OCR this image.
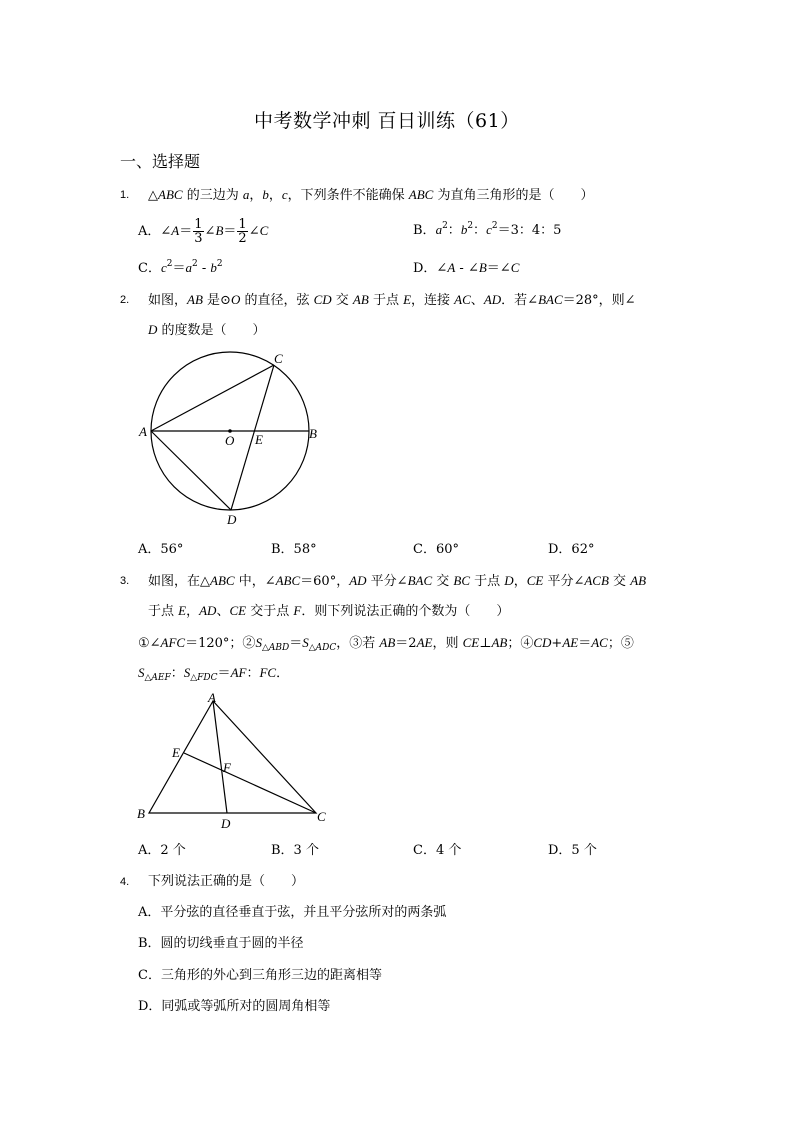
中考数学冲刺 百日训练（61）
一、选择题
1. △ABC 的三边为 a，b，c，下列条件不能确保 ABC 为直角三角形的是（　　）
A．∠A＝ $\frac{1}{3}$ ∠B＝ $\frac{1}{2}$ ∠C	B．$a^2$：$b^2$：$c^2=3$：4：5
C．$c^2=a^2 - b^2$	D．∠A - ∠B＝∠C
2. 如图，AB 是⊙O 的直径，弦 CD 交 AB 于点 E，连接 AC、AD．若∠BAC＝28°，则∠
D 的度数是（　　）
A	B
C
D
E
O
A．56°	B．58°	C．60°	D．62°
3. 如图，在△ABC 中，∠ABC＝60°，AD 平分∠BAC 交 BC 于点 D，CE 平分∠ACB 交 AB
于点 E，AD、CE 交于点 F．则下列说法正确的个数为（　　）
①∠AFC＝120°；$②S_{\triangle ABD}=S_{\triangle ADC}$，③若 AB＝2AE，则 CE⊥AB；④CD+AE＝AC；⑤
$S_{\triangle AEF}$：$S_{\triangle FDC}=AF$：FC．
A
B	C
D
E
F
A．2 个	B．3 个	C．4 个	D．5 个
4. 下列说法正确的是（　　）
A．平分弦的直径垂直于弦，并且平分弦所对的两条弧
B．圆的切线垂直于圆的半径
C．三角形的外心到三角形三边的距离相等
D．同弧或等弧所对的圆周角相等
